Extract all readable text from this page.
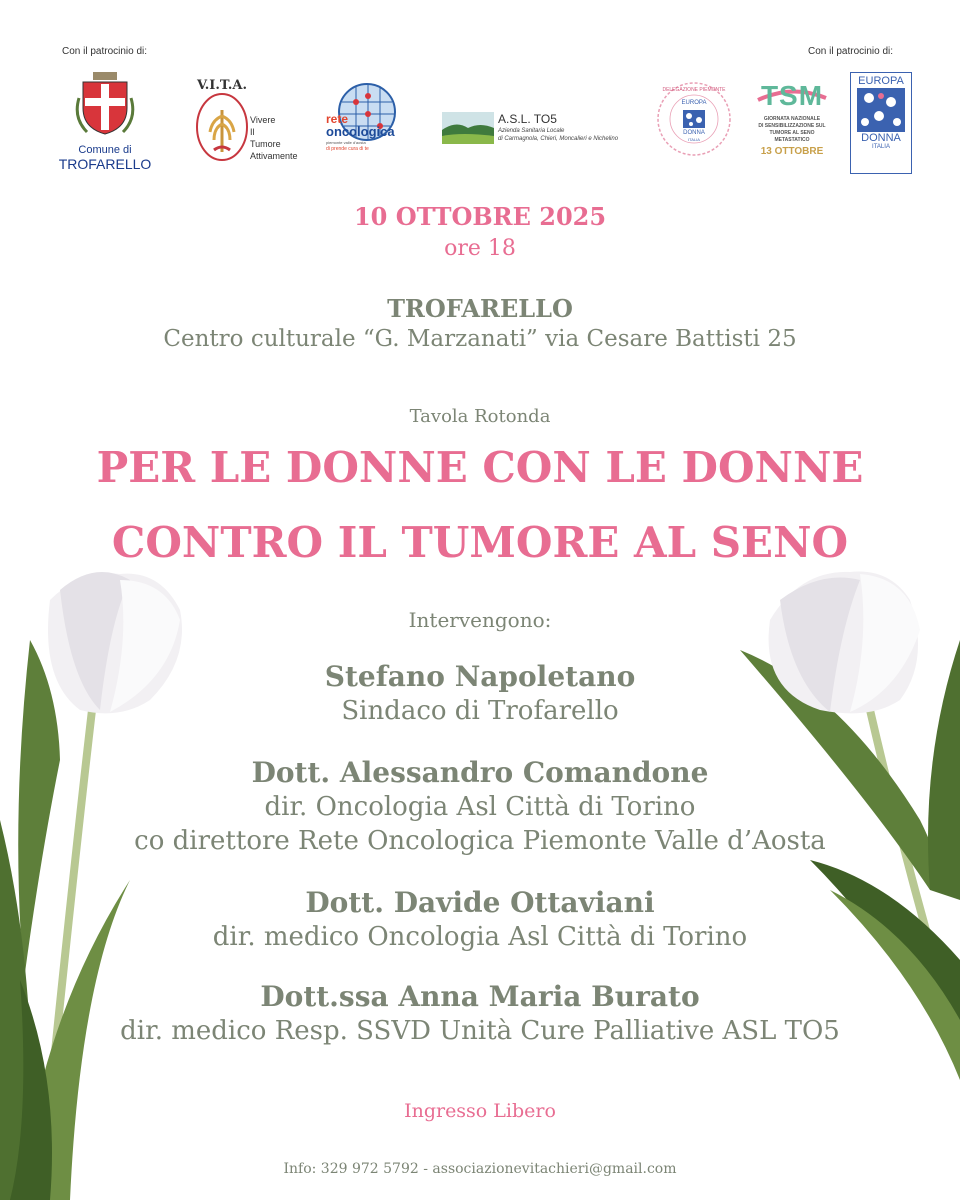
Con il patrocinio di:	Con il patrocinio di:
Comune di
TROFARELLO
V.I.T.A.
Vivere
Il
Tumore
Attivamente
rete
oncologica
piemonte valle d'aosta
di prende cura di te
A.S.L. TO5
Azienda Sanitaria Locale
di Carmagnola, Chieri, Moncalieri e Nichelino
DELEGAZIONE PIEMONTE
EUROPA
DONNA
ITALIA
TSM
GIORNATA NAZIONALE
DI SENSIBILIZZAZIONE SUL
TUMORE AL SENO METASTATICO
13 OTTOBRE
EUROPA
DONNA
ITALIA
10 OTTOBRE 2025
ore 18
TROFARELLO
Centro culturale “G. Marzanati” via Cesare Battisti 25
Tavola Rotonda
PER LE DONNE CON LE DONNE
CONTRO IL TUMORE AL SENO
Intervengono:
Stefano Napoletano
Sindaco di Trofarello
Dott. Alessandro Comandone
dir. Oncologia Asl Città di Torino
co direttore Rete Oncologica Piemonte Valle d’Aosta
Dott. Davide Ottaviani
dir. medico Oncologia Asl Città di Torino
Dott.ssa Anna Maria Burato
dir. medico Resp. SSVD Unità Cure Palliative ASL TO5
Ingresso Libero
Info: 329 972 5792 - associazionevitachieri@gmail.com
